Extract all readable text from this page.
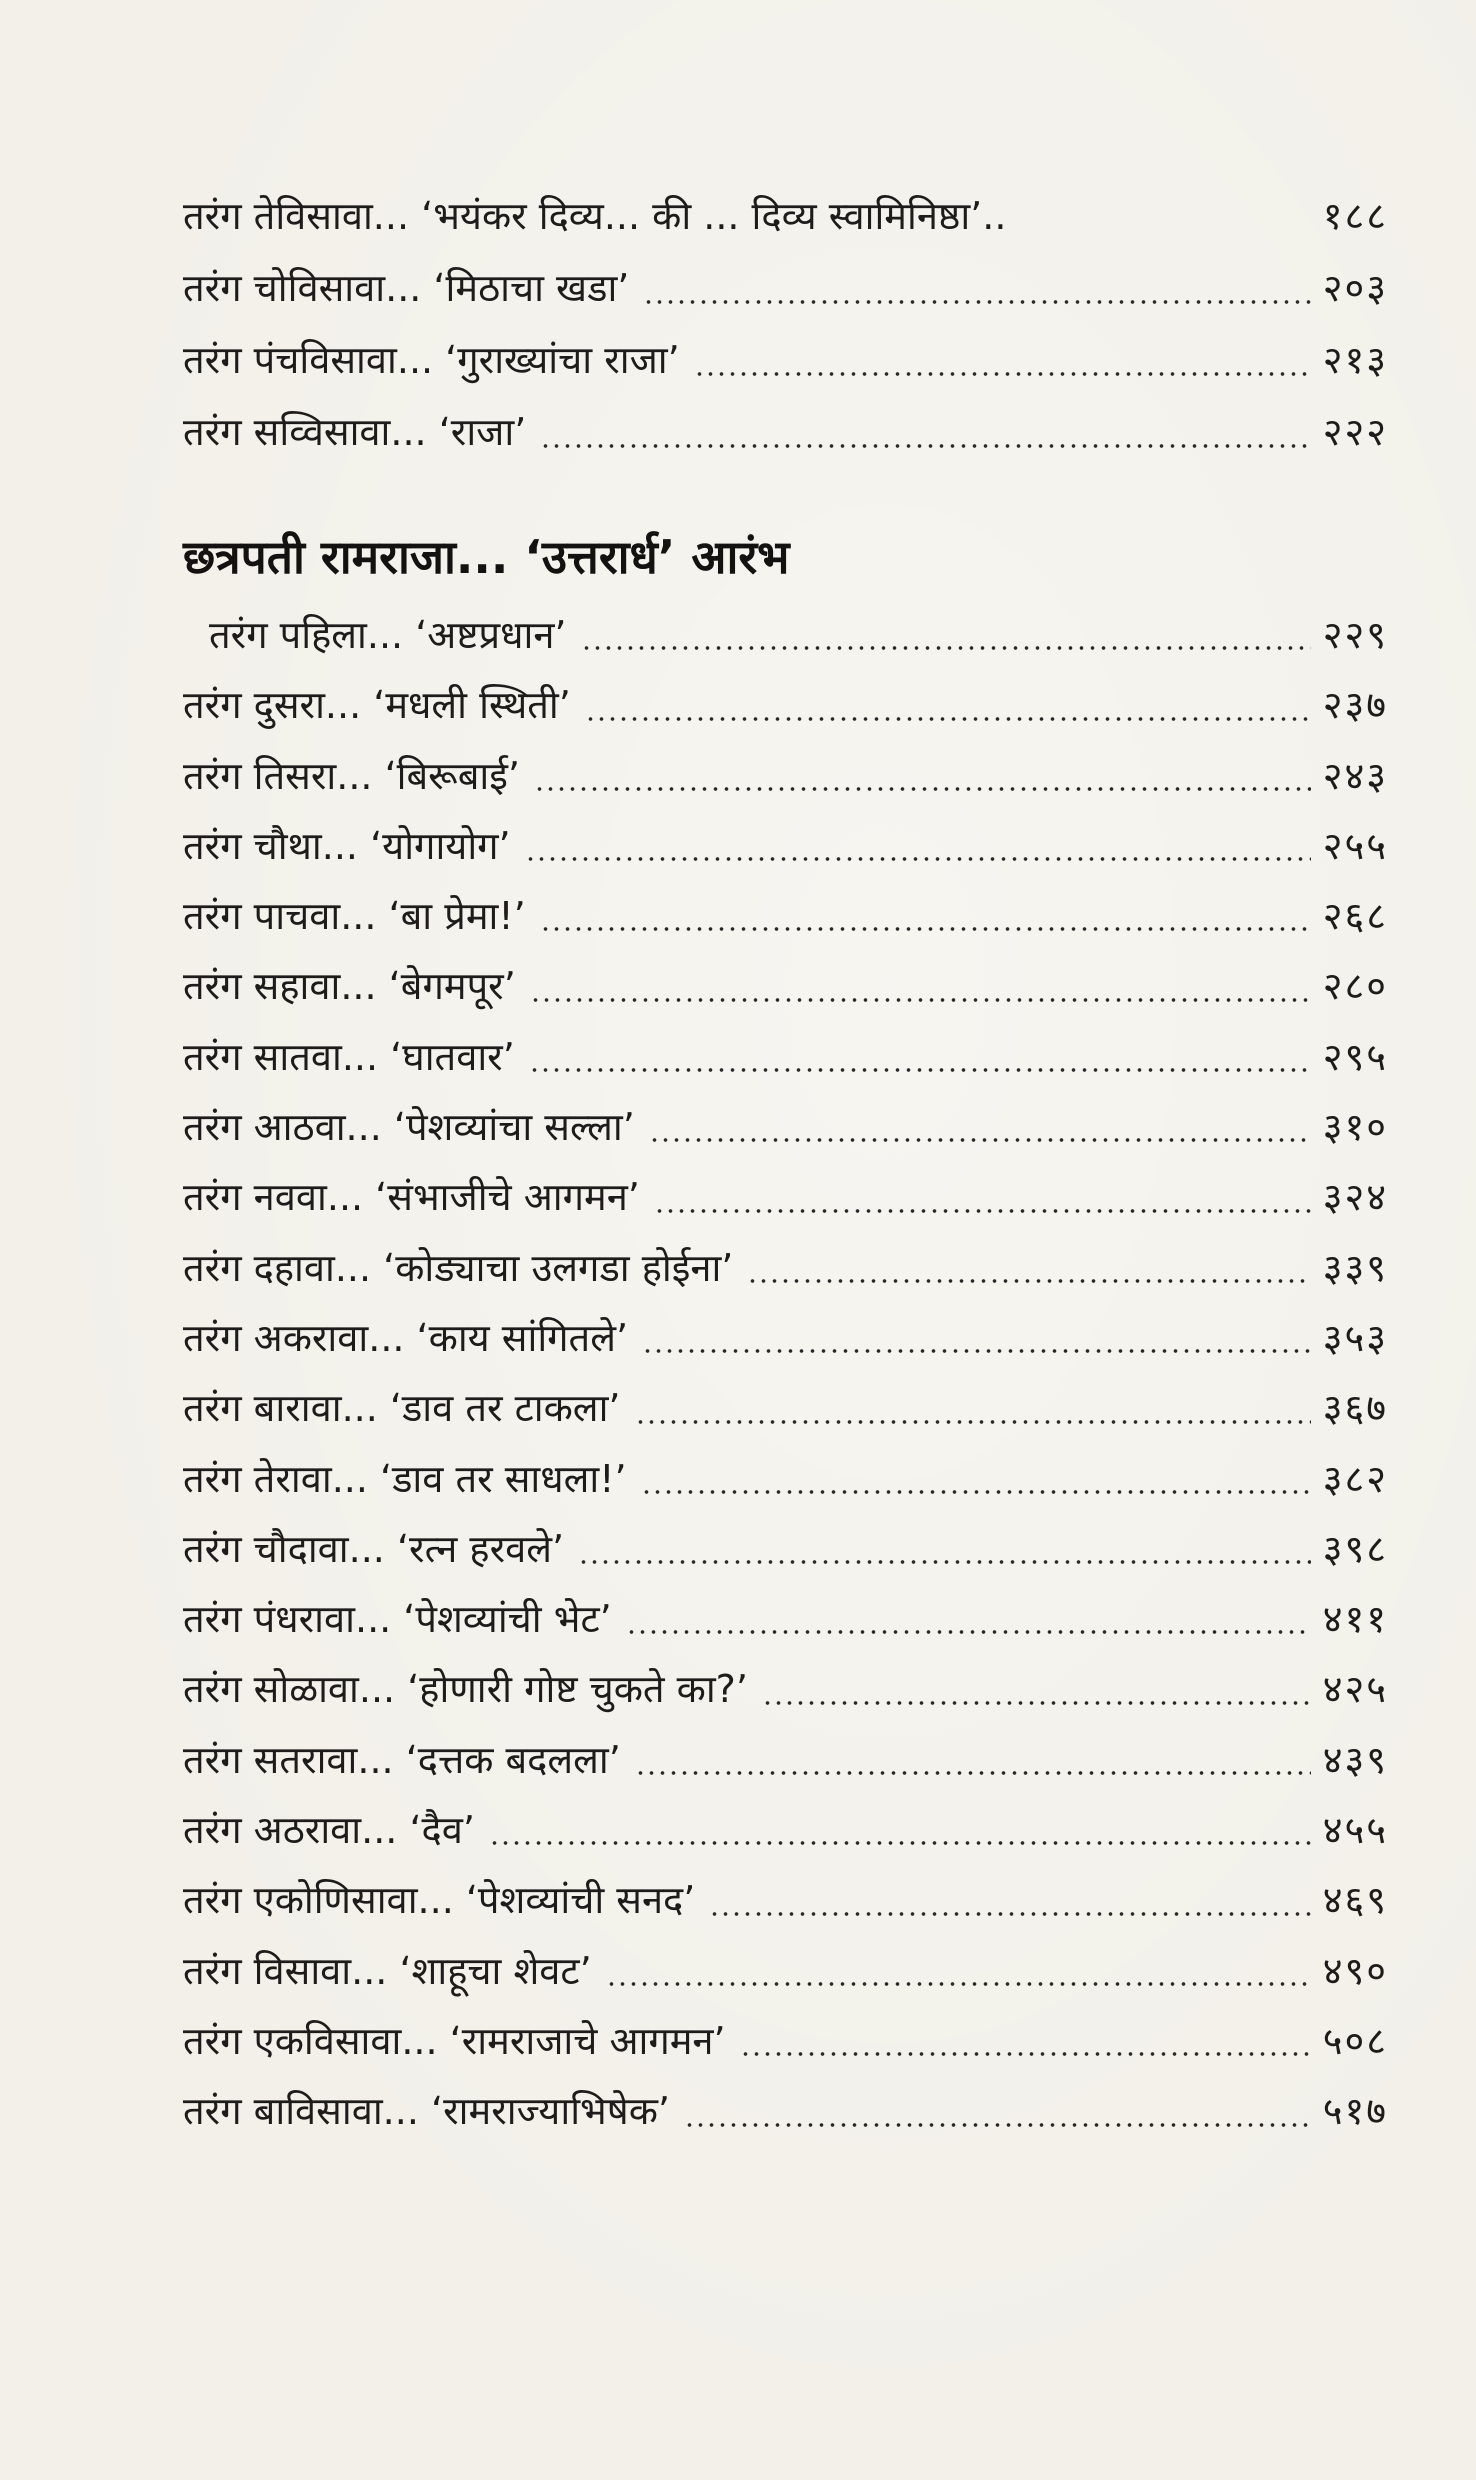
तरंग तेविसावा... ‘भयंकर दिव्य... की ... दिव्य स्वामिनिष्ठा’..	१८८
तरंग चोविसावा... ‘मिठाचा खडा’	२०३
तरंग पंचविसावा... ‘गुराख्यांचा राजा’	२१३
तरंग सव्विसावा... ‘राजा’	२२२
छत्रपती रामराजा... ‘उत्तरार्ध’ आरंभ
तरंग पहिला... ‘अष्टप्रधान’	२२९
तरंग दुसरा... ‘मधली स्थिती’	२३७
तरंग तिसरा... ‘बिरूबाई’	२४३
तरंग चौथा... ‘योगायोग’	२५५
तरंग पाचवा... ‘बा प्रेमा!’	२६८
तरंग सहावा... ‘बेगमपूर’	२८०
तरंग सातवा... ‘घातवार’	२९५
तरंग आठवा... ‘पेशव्यांचा सल्ला’	३१०
तरंग नववा... ‘संभाजीचे आगमन’	३२४
तरंग दहावा... ‘कोड्याचा उलगडा होईना’	३३९
तरंग अकरावा... ‘काय सांगितले’	३५३
तरंग बारावा... ‘डाव तर टाकला’	३६७
तरंग तेरावा... ‘डाव तर साधला!’	३८२
तरंग चौदावा... ‘रत्न हरवले’	३९८
तरंग पंधरावा... ‘पेशव्यांची भेट’	४११
तरंग सोळावा... ‘होणारी गोष्ट चुकते का?’	४२५
तरंग सतरावा... ‘दत्तक बदलला’	४३९
तरंग अठरावा... ‘दैव’	४५५
तरंग एकोणिसावा... ‘पेशव्यांची सनद’	४६९
तरंग विसावा... ‘शाहूचा शेवट’	४९०
तरंग एकविसावा... ‘रामराजाचे आगमन’	५०८
तरंग बाविसावा... ‘रामराज्याभिषेक’	५१७
